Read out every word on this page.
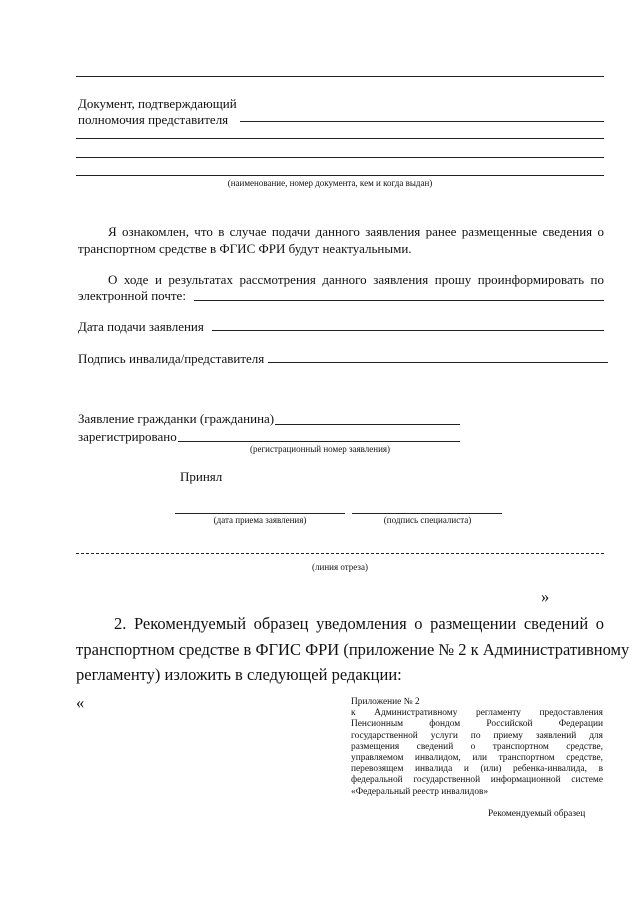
Документ, подтверждающий
полномочия представителя
(наименование, номер документа, кем и когда выдан)
Я ознакомлен, что в случае подачи данного заявления ранее размещенные сведения о
транспортном средстве в ФГИС ФРИ будут неактуальными.
О ходе и результатах рассмотрения данного заявления прошу проинформировать по
электронной почте:
Дата подачи заявления
Подпись инвалида/представителя
Заявление гражданки (гражданина)
зарегистрировано
(регистрационный номер заявления)
Принял
(дата приема заявления)	(подпись специалиста)
(линия отреза)
»
2. Рекомендуемый образец уведомления о размещении сведений о
транспортном средстве в ФГИС ФРИ (приложение № 2 к Административному
регламенту) изложить в следующей редакции:
«	Приложение № 2
к Административному регламенту предоставления
Пенсионным фондом Российской Федерации
государственной услуги по приему заявлений для
размещения сведений о транспортном средстве,
управляемом инвалидом, или транспортном средстве,
перевозящем инвалида и (или) ребенка-инвалида, в
федеральной государственной информационной системе
«Федеральный реестр инвалидов»
Рекомендуемый образец
